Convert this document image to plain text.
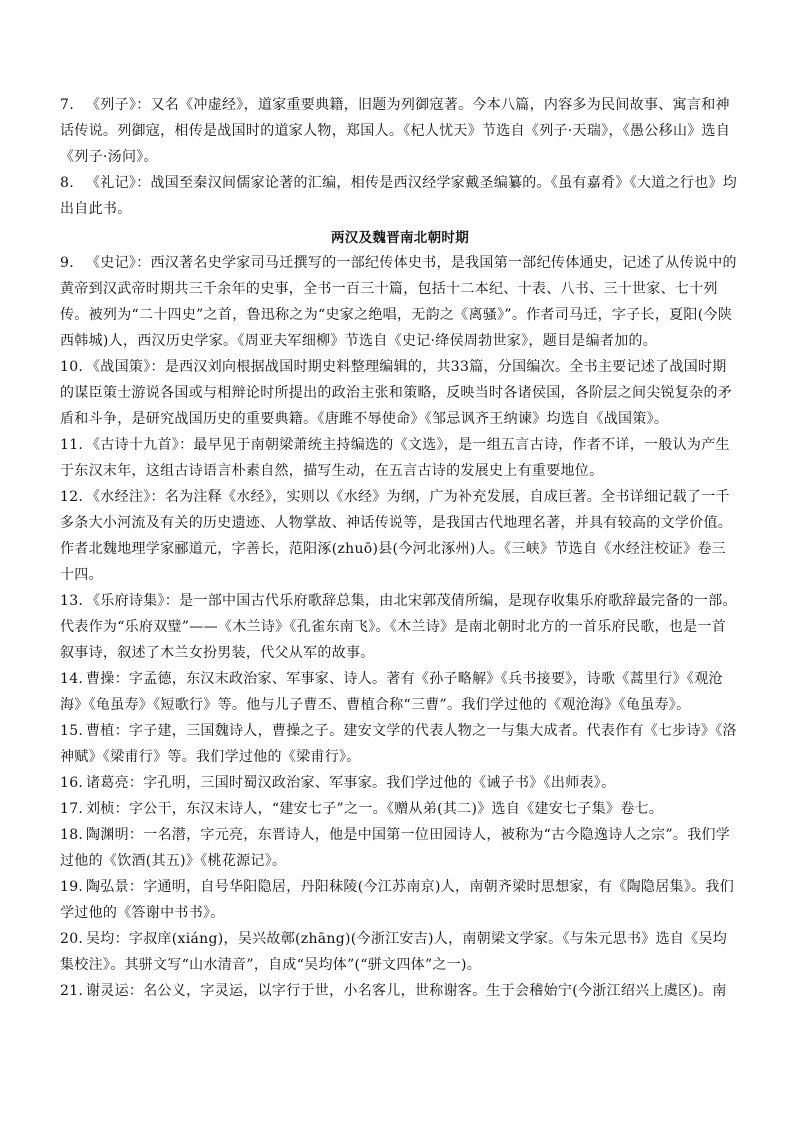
7. 《列子》：又名《冲虚经》，道家重要典籍，旧题为列御寇著。今本八篇，内容多为民间故事、寓言和神话传说。列御寇，相传是战国时的道家人物，郑国人。《杞人忧天》节选自《列子·天瑞》，《愚公移山》选自《列子·汤问》。
8. 《礼记》：战国至秦汉间儒家论著的汇编，相传是西汉经学家戴圣编纂的。《虽有嘉肴》《大道之行也》均出自此书。
两汉及魏晋南北朝时期
9. 《史记》：西汉著名史学家司马迁撰写的一部纪传体史书，是我国第一部纪传体通史，记述了从传说中的黄帝到汉武帝时期共三千余年的史事，全书一百三十篇，包括十二本纪、十表、八书、三十世家、七十列传。被列为“二十四史”之首，鲁迅称之为“史家之绝唱，无韵之《离骚》”。作者司马迁，字子长，夏阳(今陕西韩城)人，西汉历史学家。《周亚夫军细柳》节选自《史记·绛侯周勃世家》，题目是编者加的。
10. 《战国策》：是西汉刘向根据战国时期史料整理编辑的，共33篇，分国编次。全书主要记述了战国时期的谋臣策士游说各国或与相辩论时所提出的政治主张和策略，反映当时各诸侯国，各阶层之间尖锐复杂的矛盾和斗争，是研究战国历史的重要典籍。《唐雎不辱使命》《邹忌讽齐王纳谏》均选自《战国策》。
11. 《古诗十九首》：最早见于南朝梁萧统主持编选的《文选》，是一组五言古诗，作者不详，一般认为产生于东汉末年，这组古诗语言朴素自然，描写生动，在五言古诗的发展史上有重要地位。
12. 《水经注》：名为注释《水经》，实则以《水经》为纲，广为补充发展，自成巨著。全书详细记载了一千多条大小河流及有关的历史遗迹、人物掌故、神话传说等，是我国古代地理名著，并具有较高的文学价值。作者北魏地理学家郦道元，字善长，范阳涿(zhuō)县(今河北涿州)人。《三峡》节选自《水经注校证》卷三十四。
13. 《乐府诗集》：是一部中国古代乐府歌辞总集，由北宋郭茂倩所编，是现存收集乐府歌辞最完备的一部。代表作为“乐府双璧”——《木兰诗》《孔雀东南飞》。《木兰诗》是南北朝时北方的一首乐府民歌，也是一首叙事诗，叙述了木兰女扮男装，代父从军的故事。
14. 曹操：字孟德，东汉末政治家、军事家、诗人。著有《孙子略解》《兵书接要》，诗歌《蒿里行》《观沧海》《龟虽寿》《短歌行》等。他与儿子曹丕、曹植合称“三曹”。我们学过他的《观沧海》《龟虽寿》。
15. 曹植：字子建，三国魏诗人，曹操之子。建安文学的代表人物之一与集大成者。代表作有《七步诗》《洛神赋》《梁甫行》等。我们学过他的《梁甫行》。
16. 诸葛亮：字孔明，三国时蜀汉政治家、军事家。我们学过他的《诫子书》《出师表》。
17. 刘桢：字公干，东汉末诗人，“建安七子”之一。《赠从弟(其二)》选自《建安七子集》卷七。
18. 陶渊明：一名潜，字元亮，东晋诗人，他是中国第一位田园诗人，被称为“古今隐逸诗人之宗”。我们学过他的《饮酒(其五)》《桃花源记》。
19. 陶弘景：字通明，自号华阳隐居，丹阳秣陵(今江苏南京)人，南朝齐梁时思想家，有《陶隐居集》。我们学过他的《答谢中书书》。
20. 吴均：字叔庠(xiáng)，吴兴故鄣(zhāng)(今浙江安吉)人，南朝梁文学家。《与朱元思书》选自《吴均集校注》。其骈文写“山水清音”，自成“吴均体”(“骈文四体”之一)。
21. 谢灵运：名公义，字灵运，以字行于世，小名客儿，世称谢客。生于会稽始宁(今浙江绍兴上虞区)。南
